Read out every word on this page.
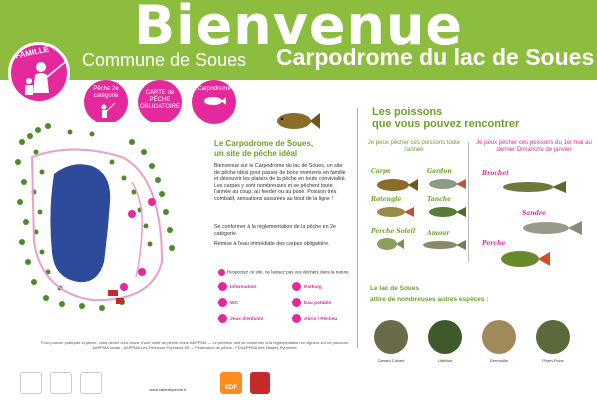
Bienvenue
Commune de Soues Carpodrome du lac de Soues
FAMILLE
Pêche 2e catégorie	CARTE de PÊCHE OBLIGATOIRE
Carpodrome
Le Carpodrome de Soues,
un site de pêche idéal
Bienvenue sur le Carpodrome du lac de Soues, un site de pêche idéal pour passer de bons moments en famille et découvrir les plaisirs de la pêche en toute convivialité. Les carpes y sont nombreuses et se pêchent toute l'année au coup, au feeder ou au posé. Poisson très combatif, sensations assurées au bout de la ligne !
Se conformer à la réglementation de la pêche en 2e catégorie.
Remise à l'eau immédiate des carpes obligatoire.
Respectez ce site, ne laissez pas vos déchets dans la nature.
Information	Parking
WC	Eau potable
Jeux d'enfants	Abris / Pêcheu
Les poissons
que vous pouvez rencontrer
Je peux pêcher ces poissons toute l'année
Je peux pêcher ces poissons du 1er mai au dernier Dimanche de janvier
Carpe	Gardon
Rotengle	Tanche
Perche Soleil Amour
Brochet
Sandre
Perche
Le lac de Soues
attire de nombreuses autres espèces :
Canard Colvert	Libellule	Grenouille	Pivert-Fiche
Pour pouvoir pratiquer la pêche, vous devez vous munir d'une carte de pêche d'une AAPPMA — Le pêcheur doit se conformer à la réglementation en vigueur sur ce parcours. AAPPMA locale : AAPPMA Les Pêcheurs Pyrénées 65 — Fédération de pêche : FDAAPPMA des Hautes-Pyrénées.
www.cartedepeche.fr	EDF
